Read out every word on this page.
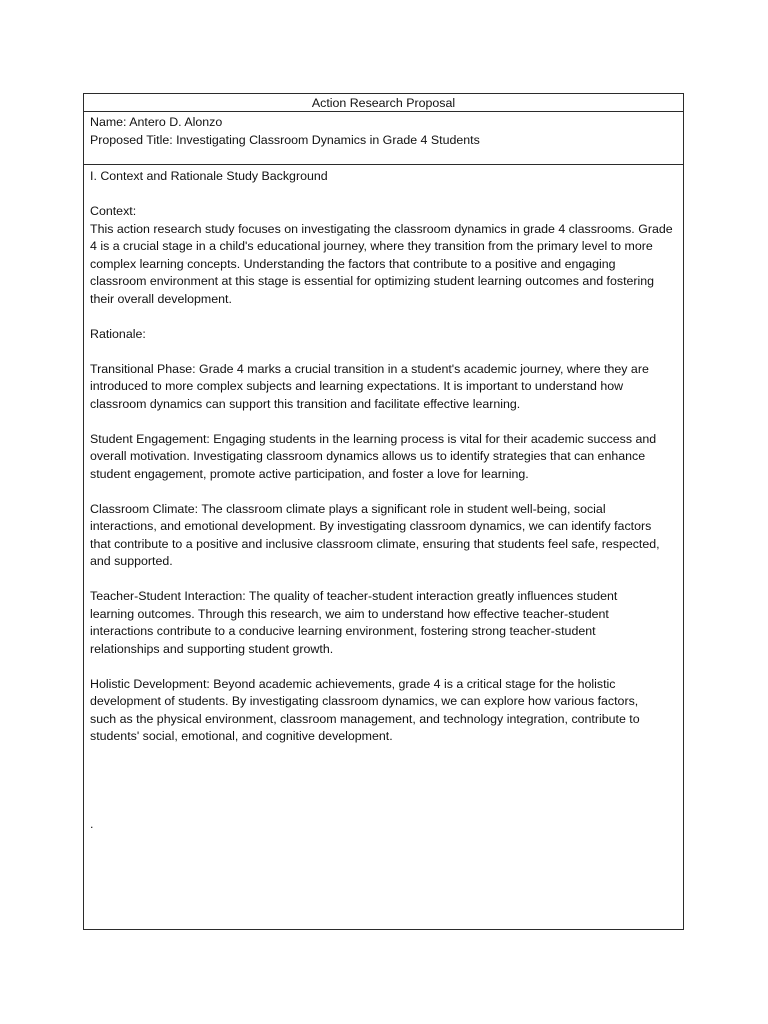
Action Research Proposal
Name: Antero D. Alonzo
Proposed Title: Investigating Classroom Dynamics in Grade 4 Students
I. Context and Rationale Study Background
Context:
This action research study focuses on investigating the classroom dynamics in grade 4 classrooms. Grade
4 is a crucial stage in a child's educational journey, where they transition from the primary level to more
complex learning concepts. Understanding the factors that contribute to a positive and engaging
classroom environment at this stage is essential for optimizing student learning outcomes and fostering
their overall development.
Rationale:
Transitional Phase: Grade 4 marks a crucial transition in a student's academic journey, where they are
introduced to more complex subjects and learning expectations. It is important to understand how
classroom dynamics can support this transition and facilitate effective learning.
Student Engagement: Engaging students in the learning process is vital for their academic success and
overall motivation. Investigating classroom dynamics allows us to identify strategies that can enhance
student engagement, promote active participation, and foster a love for learning.
Classroom Climate: The classroom climate plays a significant role in student well-being, social
interactions, and emotional development. By investigating classroom dynamics, we can identify factors
that contribute to a positive and inclusive classroom climate, ensuring that students feel safe, respected,
and supported.
Teacher-Student Interaction: The quality of teacher-student interaction greatly influences student
learning outcomes. Through this research, we aim to understand how effective teacher-student
interactions contribute to a conducive learning environment, fostering strong teacher-student
relationships and supporting student growth.
Holistic Development: Beyond academic achievements, grade 4 is a critical stage for the holistic
development of students. By investigating classroom dynamics, we can explore how various factors,
such as the physical environment, classroom management, and technology integration, contribute to
students' social, emotional, and cognitive development.
.
